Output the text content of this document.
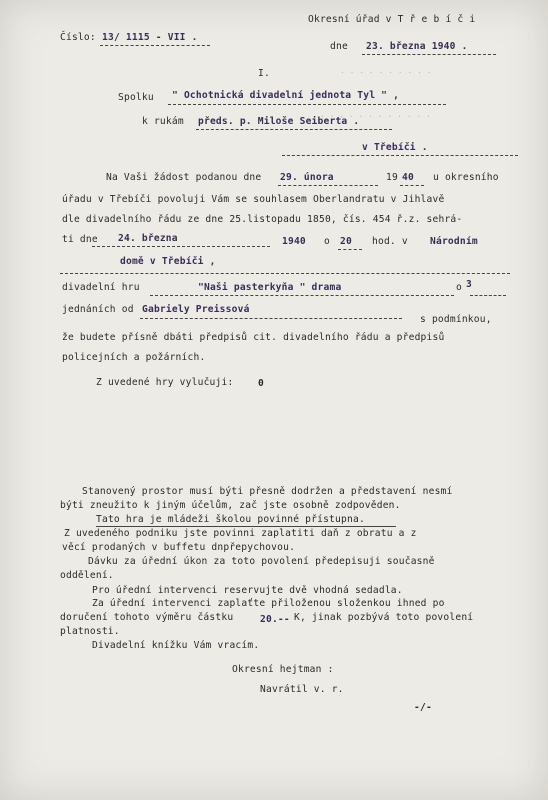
· · · · · · · · · ·
· · · · · · · · · · · ·
Číslo: 13/ 1115 - VII .
Okresní úřad v T ř e b í č i
dne 23. března 1940 .
I.
Spolku " Ochotnická divadelní jednota Tyl " ,
k rukám předs. p. Miloše Seiberta .
v Třebíči .
Na Vaši žádost podanou dne 29. února	19 40 u okresního
úřadu v Třebíči povoluji Vám se souhlasem Oberlandratu v Jihlavě
dle divadelního řádu ze dne 25.listopadu 1850, čís. 454 ř.z. sehrá-
ti dne 24. března	1940 o 20 hod. v Národním
domě v Třebíči ,
divadelní hru	"Naši pasterkyňa " drama	o 3
jednáních od Gabriely Preissová
s podmínkou,
že budete přísně dbáti předpisů cit. divadelního řádu a předpisů
policejních a požárních.
Z uvedené hry vylučuji:	0
Stanovený prostor musí býti přesně dodržen a představení nesmí
býti zneužito k jiným účelům, zač jste osobně zodpověden.
Tato hra je mládeži školou povinné přístupna.
Z uvedeného podniku jste povinni zaplatiti daň z obratu a z
věcí prodaných v buffetu dnpřepychovou.
Dávku za úřední úkon za toto povolení předepisuji současně
oddělení.
Pro úřední intervenci reservujte dvě vhodná sedadla.
Za úřední intervenci zaplaťte přiloženou složenkou ihned po
doručení tohoto výměru částku	20.-- K, jinak pozbývá toto povolení
platnosti.
Divadelní knížku Vám vracím.
Okresní hejtman :
Navrátil v. r.
-/-
